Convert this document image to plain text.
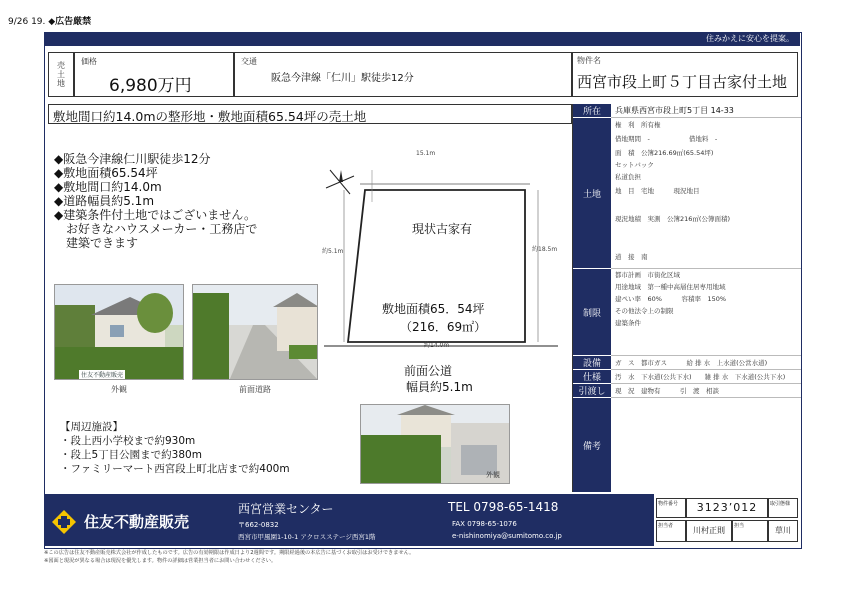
9/26 19. ◆広告厳禁
住みかえに安心を提案。
売
土
地
価格
6,980万円
交通
阪急今津線「仁川」駅徒歩12分
物件名
西宮市段上町５丁目古家付土地
敷地間口約14.0mの整形地・敷地面積65.54坪の売土地
◆阪急今津線仁川駅徒歩12分
◆敷地面積65.54坪
◆敷地間口約14.0m
◆道路幅員約5.1m
◆建築条件付土地ではございません。
　お好きなハウスメーカー・工務店で
　建築できます
住友不動産販売
外観	前面道路
15.1m
約5.1m	約18.5m
約14.0m
現状古家有
敷地面積65．54坪
（216．69㎡）
前面公道
幅員約5.1m
外観
【周辺施設】
・段上西小学校まで約930m
・段上5丁目公園まで約380m
・ファミリーマート西宮段上町北店まで約400m
所在	兵庫県西宮市段上町5丁目 14-33
土地
権　利　所有権
借地期間　-　　　　　　借地料　-
面　積　公簿216.69㎡(65.54坪)
セットバック
私道負担
地　目　宅地　　　現況地目
現況地積　実測　公簿216㎡(公簿面積)
道　接　南
制限
都市計画　市街化区域
用途地域　第一種中高層住居専用地域
建ぺい率　60%　　　容積率　150%
その他法令上の制限
建築条件
設備	ガ　ス　都市ガス　　　給 排 水　上水道(公営水道)
仕様	汚　水　下水道(公共下水)　　雑 排 水　下水道(公共下水)
引渡し	現　況　建物有　　　引　渡　相談
備考
住友不動産販売
西宮営業センター
〒662-0832
西宮市甲風園1-10-1 アクロスステージ西宮1階
TEL 0798-65-1418
FAX 0798-65-1076
e-nishinomiya@sumitomo.co.jp
物件番号	3123’012	取引態様
担当者	川村正則	担当	草川
※この広告は住友不動産販売株式会社が作成したものです。広告の有効期限は作成日より2週間です。期限経過後の本広告に基づくお取引はお受けできません。
※図面と現況が異なる場合は現況を優先します。物件の詳細は営業担当者にお問い合わせください。
